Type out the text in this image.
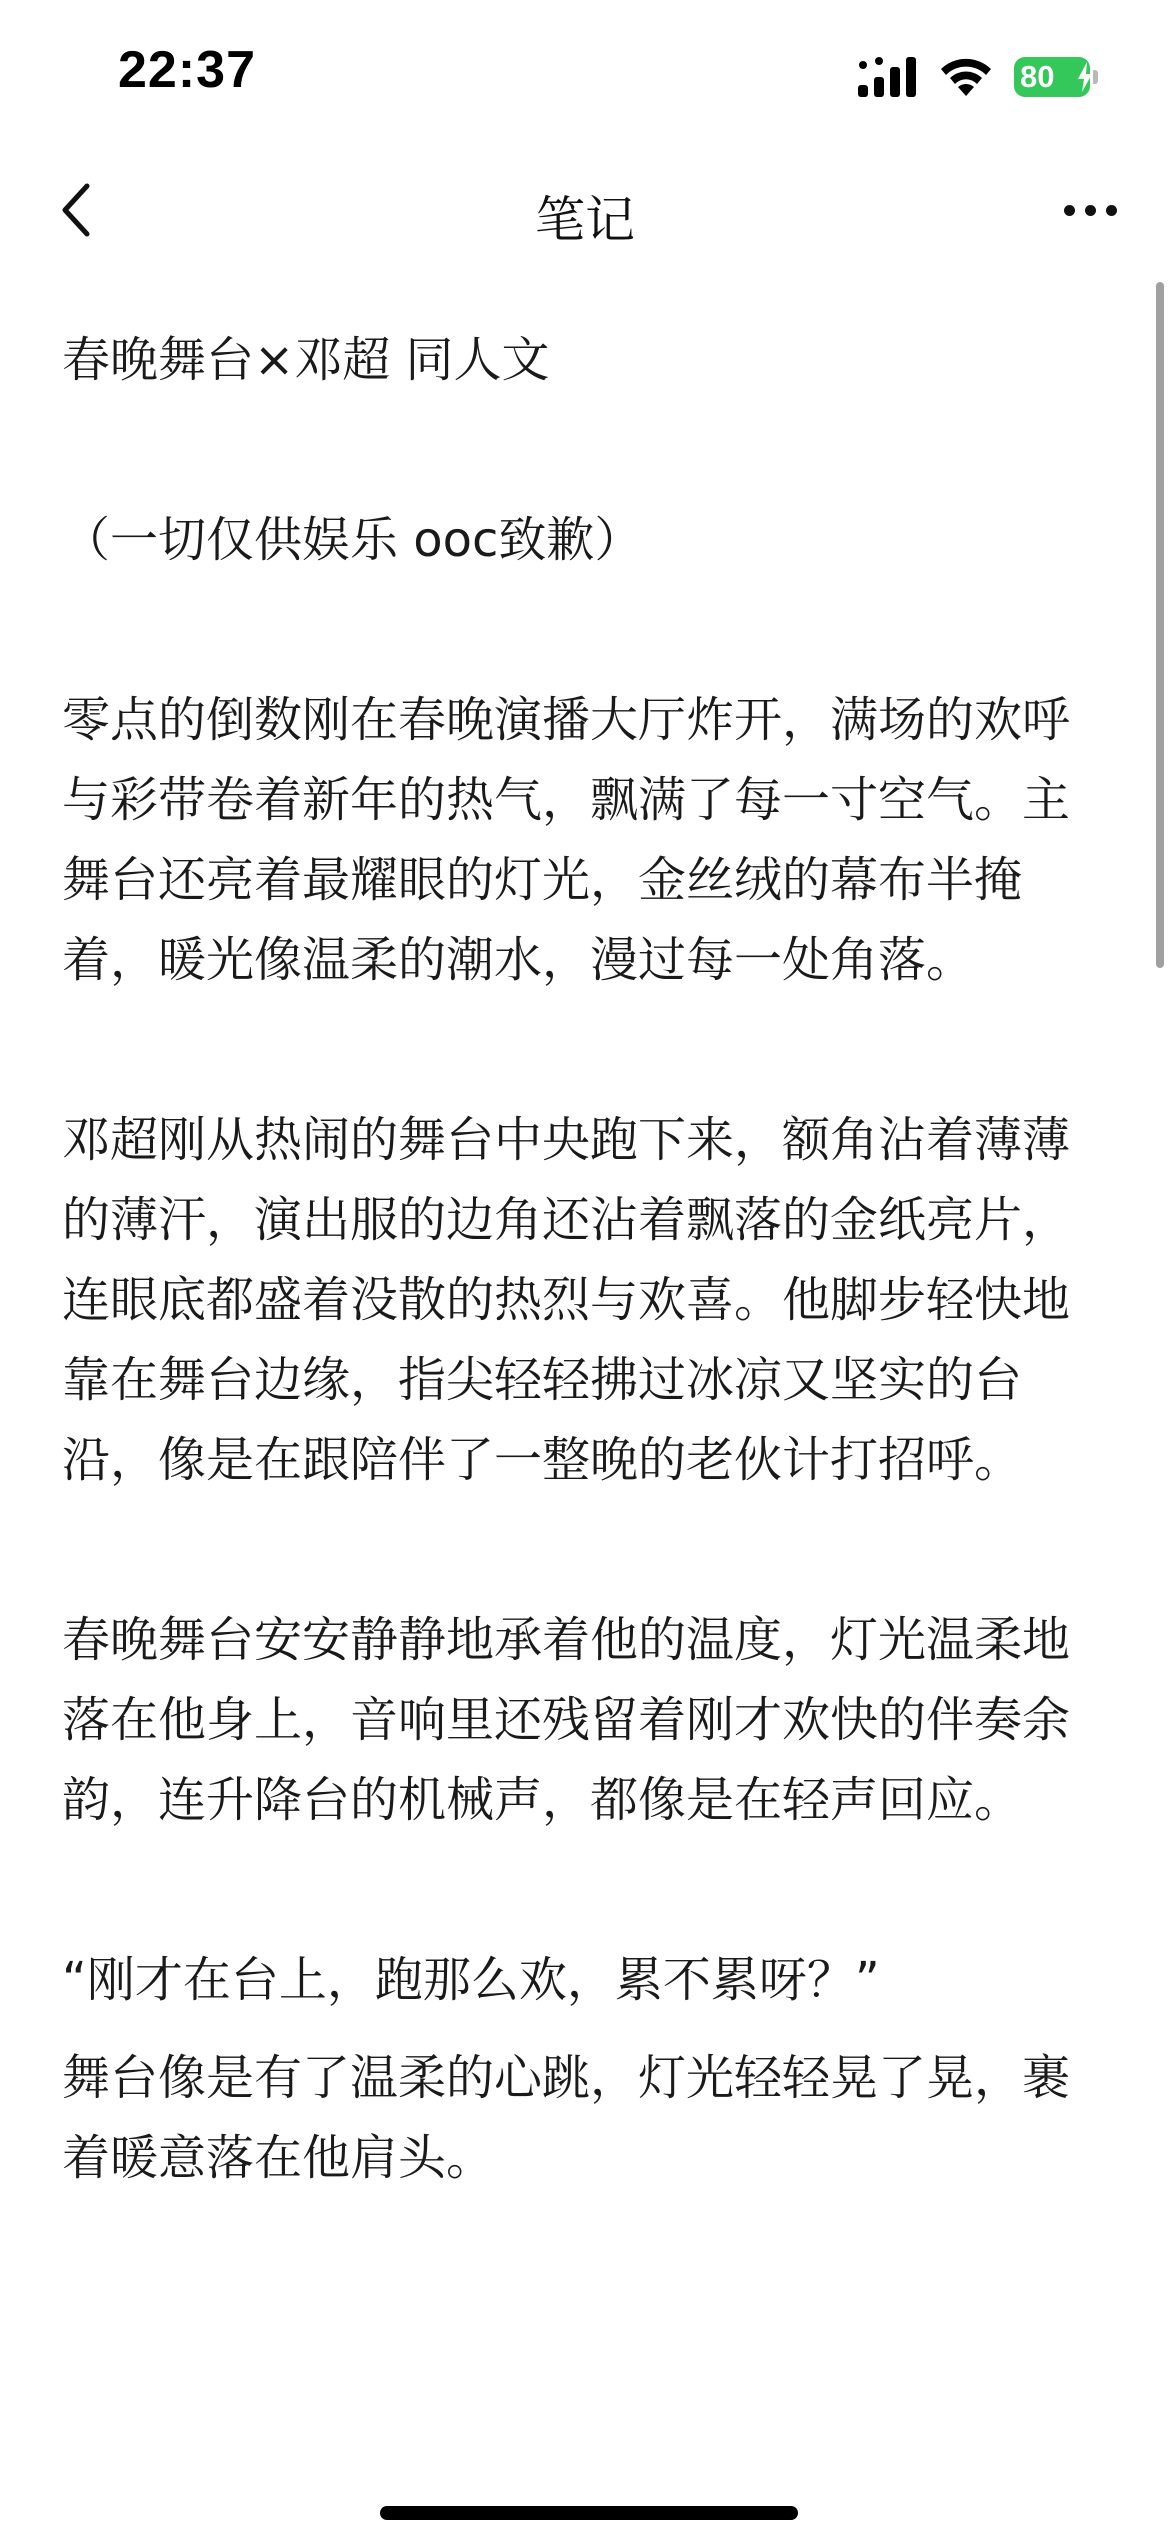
22:37	80
笔记

春晚舞台×邓超 同人文

（一切仅供娱乐 ooc致歉）

零点的倒数刚在春晚演播大厅炸开，满场的欢呼与彩带卷着新年的热气，飘满了每一寸空气。主舞台还亮着最耀眼的灯光，金丝绒的幕布半掩着，暖光像温柔的潮水，漫过每一处角落。

邓超刚从热闹的舞台中央跑下来，额角沾着薄薄的薄汗，演出服的边角还沾着飘落的金纸亮片，连眼底都盛着没散的热烈与欢喜。他脚步轻快地靠在舞台边缘，指尖轻轻拂过冰凉又坚实的台沿，像是在跟陪伴了一整晚的老伙计打招呼。

春晚舞台安安静静地承着他的温度，灯光温柔地落在他身上，音响里还残留着刚才欢快的伴奏余韵，连升降台的机械声，都像是在轻声回应。

“刚才在台上，跑那么欢，累不累呀？”

舞台像是有了温柔的心跳，灯光轻轻晃了晃，裹着暖意落在他肩头。
